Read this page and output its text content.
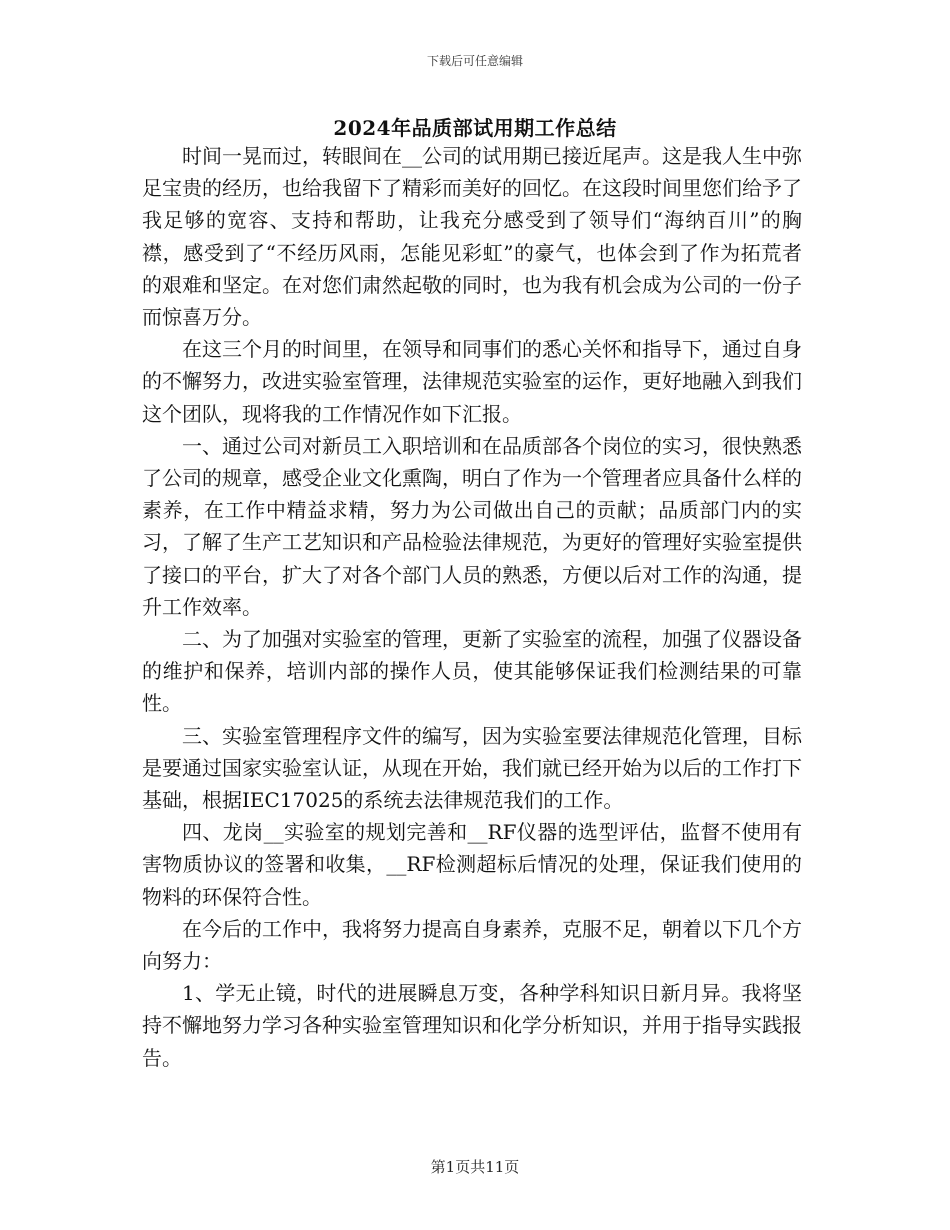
下载后可任意编辑
2024年品质部试用期工作总结

时间一晃而过，转眼间在__公司的试用期已接近尾声。这是我人生中弥足宝贵的经历，也给我留下了精彩而美好的回忆。在这段时间里您们给予了我足够的宽容、支持和帮助，让我充分感受到了领导们“海纳百川”的胸襟，感受到了“不经历风雨，怎能见彩虹”的豪气，也体会到了作为拓荒者的艰难和坚定。在对您们肃然起敬的同时，也为我有机会成为公司的一份子而惊喜万分。

在这三个月的时间里，在领导和同事们的悉心关怀和指导下，通过自身的不懈努力，改进实验室管理，法律规范实验室的运作，更好地融入到我们这个团队，现将我的工作情况作如下汇报。

一、通过公司对新员工入职培训和在品质部各个岗位的实习，很快熟悉了公司的规章，感受企业文化熏陶，明白了作为一个管理者应具备什么样的素养，在工作中精益求精，努力为公司做出自己的贡献；品质部门内的实习，了解了生产工艺知识和产品检验法律规范，为更好的管理好实验室提供了接口的平台，扩大了对各个部门人员的熟悉，方便以后对工作的沟通，提升工作效率。

二、为了加强对实验室的管理，更新了实验室的流程，加强了仪器设备的维护和保养，培训内部的操作人员，使其能够保证我们检测结果的可靠性。

三、实验室管理程序文件的编写，因为实验室要法律规范化管理，目标是要通过国家实验室认证，从现在开始，我们就已经开始为以后的工作打下基础，根据IEC17025的系统去法律规范我们的工作。

四、龙岗__实验室的规划完善和__RF仪器的选型评估，监督不使用有害物质协议的签署和收集，__RF检测超标后情况的处理，保证我们使用的物料的环保符合性。

在今后的工作中，我将努力提高自身素养，克服不足，朝着以下几个方向努力：

1、学无止镜，时代的进展瞬息万变，各种学科知识日新月异。我将坚持不懈地努力学习各种实验室管理知识和化学分析知识，并用于指导实践报告。

第1页共11页
